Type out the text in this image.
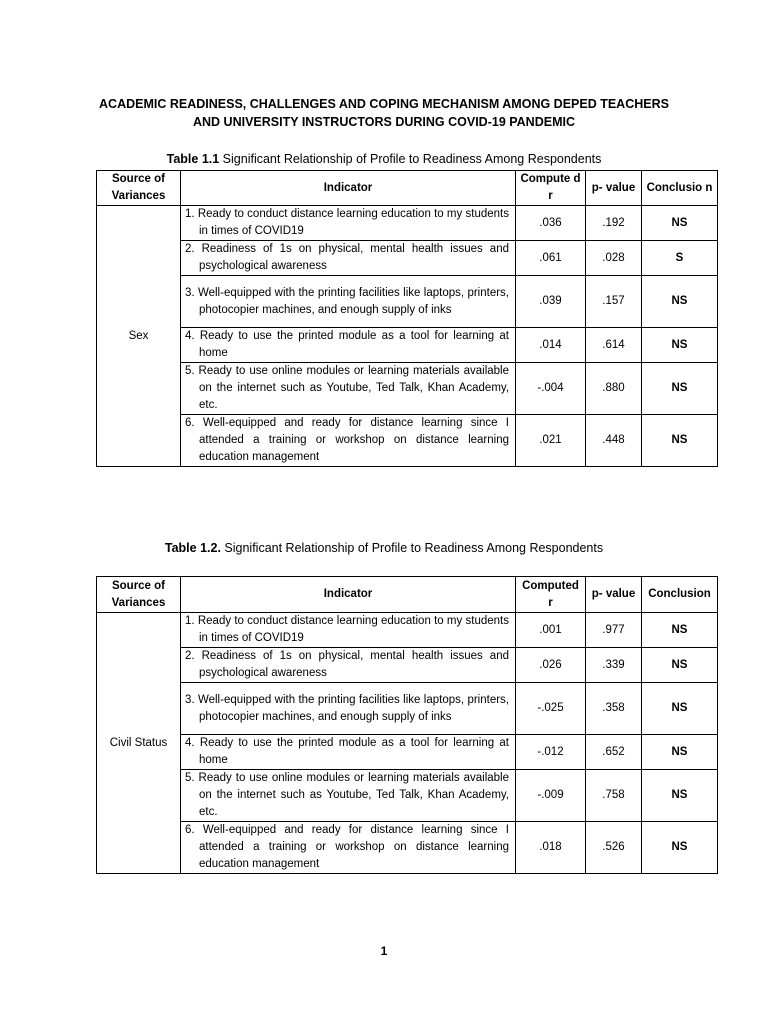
ACADEMIC READINESS, CHALLENGES AND COPING MECHANISM AMONG DEPED TEACHERS
AND UNIVERSITY INSTRUCTORS DURING COVID-19 PANDEMIC
Table 1.1 Significant Relationship of Profile to Readiness Among Respondents
Source of Variances	Indicator	Compute d r	p- value	Conclusio n
Sex	1. Ready to conduct distance learning education to my students in times of COVID19	.036	.192	NS

	2. Readiness of 1s on physical, mental health issues and psychological awareness	.061	.028	S

	3. Well-equipped with the printing facilities like laptops, printers, photocopier machines, and enough supply of inks	.039	.157	NS

	4. Ready to use the printed module as a tool for learning at home	.014	.614	NS

	5. Ready to use online modules or learning materials available on the internet such as Youtube, Ted Talk, Khan Academy, etc.	-.004	.880	NS

	6. Well-equipped and ready for distance learning since I attended a training or workshop on distance learning education management	.021	.448	NS
Table 1.2. Significant Relationship of Profile to Readiness Among Respondents
Source of Variances	Indicator	Computed r	p- value	Conclusion
Civil Status	1. Ready to conduct distance learning education to my students in times of COVID19	.001	.977	NS

	2. Readiness of 1s on physical, mental health issues and psychological awareness	.026	.339	NS

	3. Well-equipped with the printing facilities like laptops, printers, photocopier machines, and enough supply of inks	-.025	.358	NS

	4. Ready to use the printed module as a tool for learning at home	-.012	.652	NS

	5. Ready to use online modules or learning materials available on the internet such as Youtube, Ted Talk, Khan Academy, etc.	-.009	.758	NS

	6. Well-equipped and ready for distance learning since I attended a training or workshop on distance learning education management	.018	.526	NS
1
